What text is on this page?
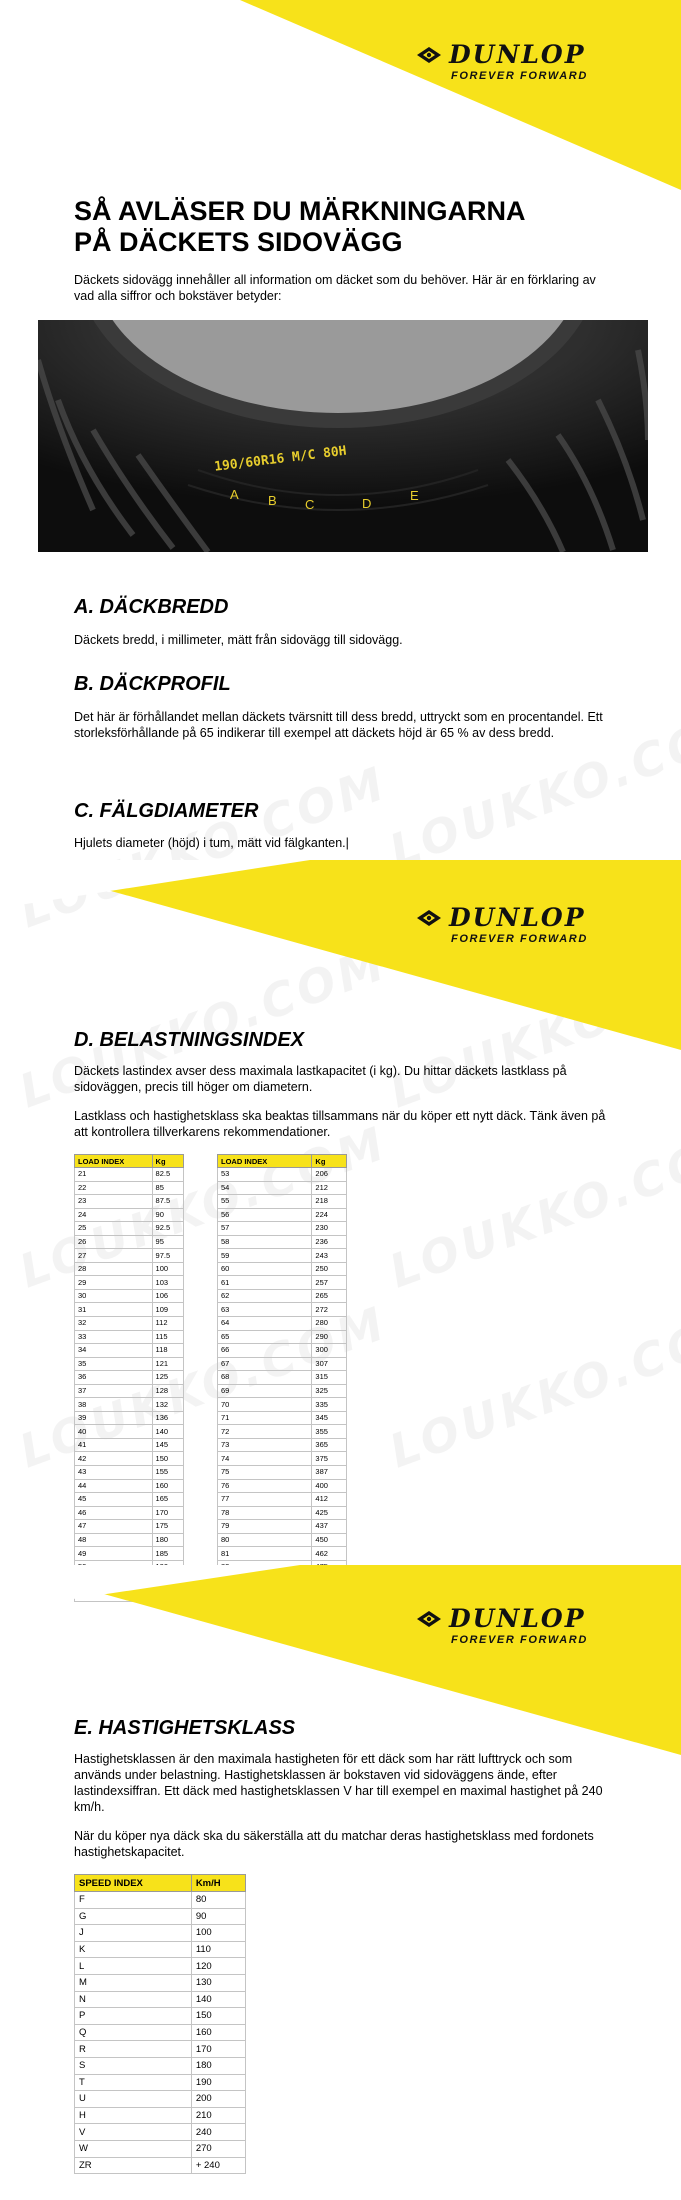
DUNLOP
FOREVER FORWARD
SÅ AVLÄSER DU MÄRKNINGARNA
PÅ DÄCKETS SIDOVÄGG

Däckets sidovägg innehåller all information om däcket som du behöver. Här är en förklaring av vad alla siffror och bokstäver betyder:

190/60R16 M/C 80H
A B C	D
E
A. DÄCKBREDD

Däckets bredd, i millimeter, mätt från sidovägg till sidovägg.

B. DÄCKPROFIL

Det här är förhållandet mellan däckets tvärsnitt till dess bredd, uttryckt som en procentandel. Ett storleksförhållande på 65 indikerar till exempel att däckets höjd är 65 % av dess bredd.

C. FÄLGDIAMETER

Hjulets diameter (höjd) i tum, mätt vid fälgkanten.|

DUNLOP
FOREVER FORWARD
D. BELASTNINGSINDEX

Däckets lastindex avser dess maximala lastkapacitet (i kg). Du hittar däckets lastklass på sidoväggen, precis till höger om diametern.

Lastklass och hastighetsklass ska beaktas tillsammans när du köper ett nytt däck. Tänk även på att kontrollera tillverkarens rekommendationer.

LOAD INDEX	Kg
21	82.5
22	85
23	87.5
24	90
25	92.5
26	95
27	97.5
28	100
29	103
30	106
31	109
32	112
33	115
34	118
35	121
36	125
37	128
38	132
39	136
40	140
41	145
42	150
43	155
44	160
45	165
46	170
47	175
48	180
49	185

LOAD INDEX	Kg
53	206
54	212
55	218
56	224
57	230
58	236
59	243
60	250
61	257
62	265
63	272
64	280
65	290
66	300
67	307
68	315
69	325
70	335
71	345
72	355
73	365
74	375
75	387
76	400
77	412
78	425
79	437
80	450
81	462

DUNLOP
FOREVER FORWARD
E. HASTIGHETSKLASS

Hastighetsklassen är den maximala hastigheten för ett däck som har rätt lufttryck och som används under belastning. Hastighetsklassen är bokstaven vid sidoväggens ände, efter lastindexsiffran. Ett däck med hastighetsklassen V har till exempel en maximal hastighet på 240 km/h.

När du köper nya däck ska du säkerställa att du matchar deras hastighetsklass med fordonets hastighetskapacitet.

SPEED INDEX	Km/H
F	80
G	90
J	100
K	110
L	120
M	130
N	140
P	150
Q	160
R	170
S	180
T	190
U	200
H	210
V	240
W	270
ZR	+ 240
